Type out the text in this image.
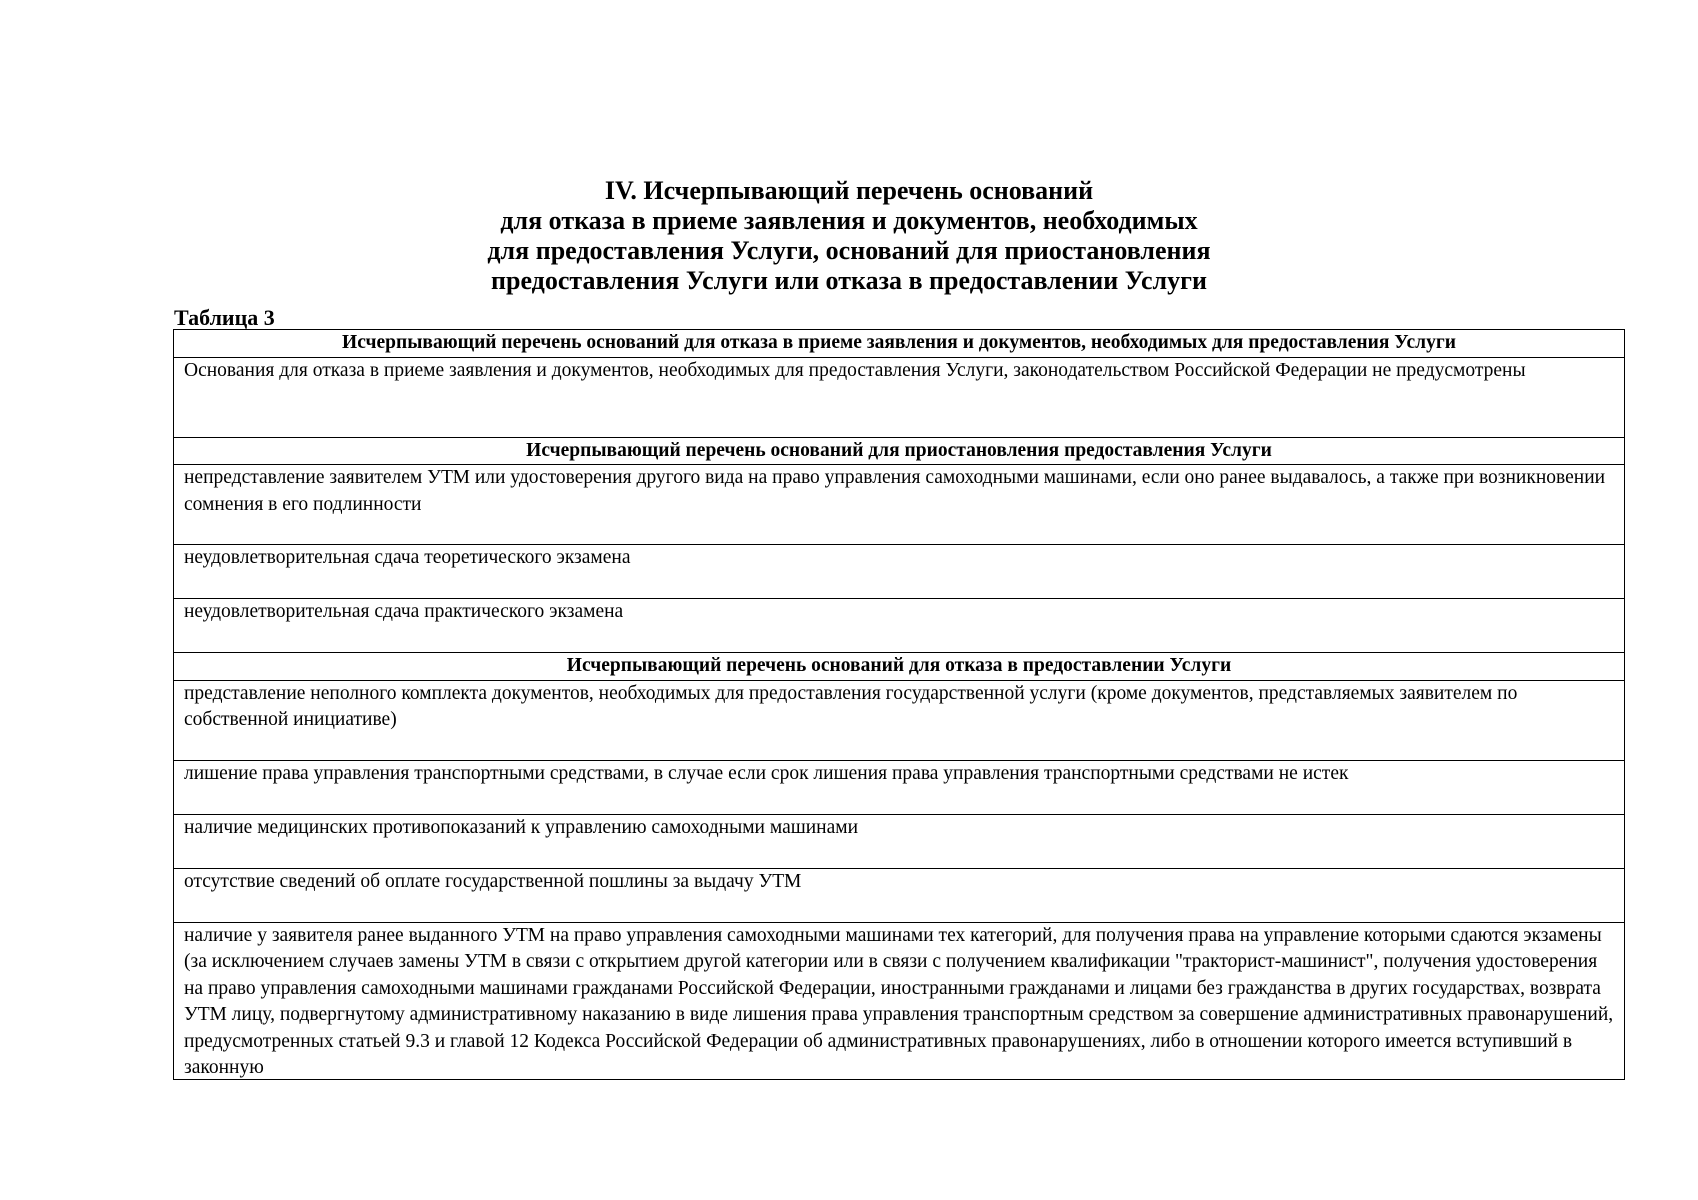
IV. Исчерпывающий перечень оснований
для отказа в приеме заявления и документов, необходимых
для предоставления Услуги, оснований для приостановления
предоставления Услуги или отказа в предоставлении Услуги
Таблица 3
Исчерпывающий перечень оснований для отказа в приеме заявления и документов, необходимых для предоставления Услуги
Основания для отказа в приеме заявления и документов, необходимых для предоставления Услуги, законодательством Российской Федерации не предусмотрены
Исчерпывающий перечень оснований для приостановления предоставления Услуги
непредставление заявителем УТМ или удостоверения другого вида на право управления самоходными машинами, если оно ранее выдавалось, а также при возникновении сомнения в его подлинности
неудовлетворительная сдача теоретического экзамена
неудовлетворительная сдача практического экзамена
Исчерпывающий перечень оснований для отказа в предоставлении Услуги
представление неполного комплекта документов, необходимых для предоставления государственной услуги (кроме документов, представляемых заявителем по собственной инициативе)
лишение права управления транспортными средствами, в случае если срок лишения права управления транспортными средствами не истек
наличие медицинских противопоказаний к управлению самоходными машинами
отсутствие сведений об оплате государственной пошлины за выдачу УТМ

наличие у заявителя ранее выданного УТМ на право управления самоходными машинами тех категорий, для получения права на управление которыми сдаются экзамены (за исключением случаев замены УТМ в связи с открытием другой категории или в связи с получением квалификации "тракторист-машинист", получения удостоверения на право управления самоходными машинами гражданами Российской Федерации, иностранными гражданами и лицами без гражданства в других государствах, возврата УТМ лицу, подвергнутому административному наказанию в виде лишения права управления транспортным средством за совершение административных правонарушений, предусмотренных статьей 9.3 и главой 12 Кодекса Российской Федерации об административных правонарушениях, либо в отношении которого имеется вступивший в законную
